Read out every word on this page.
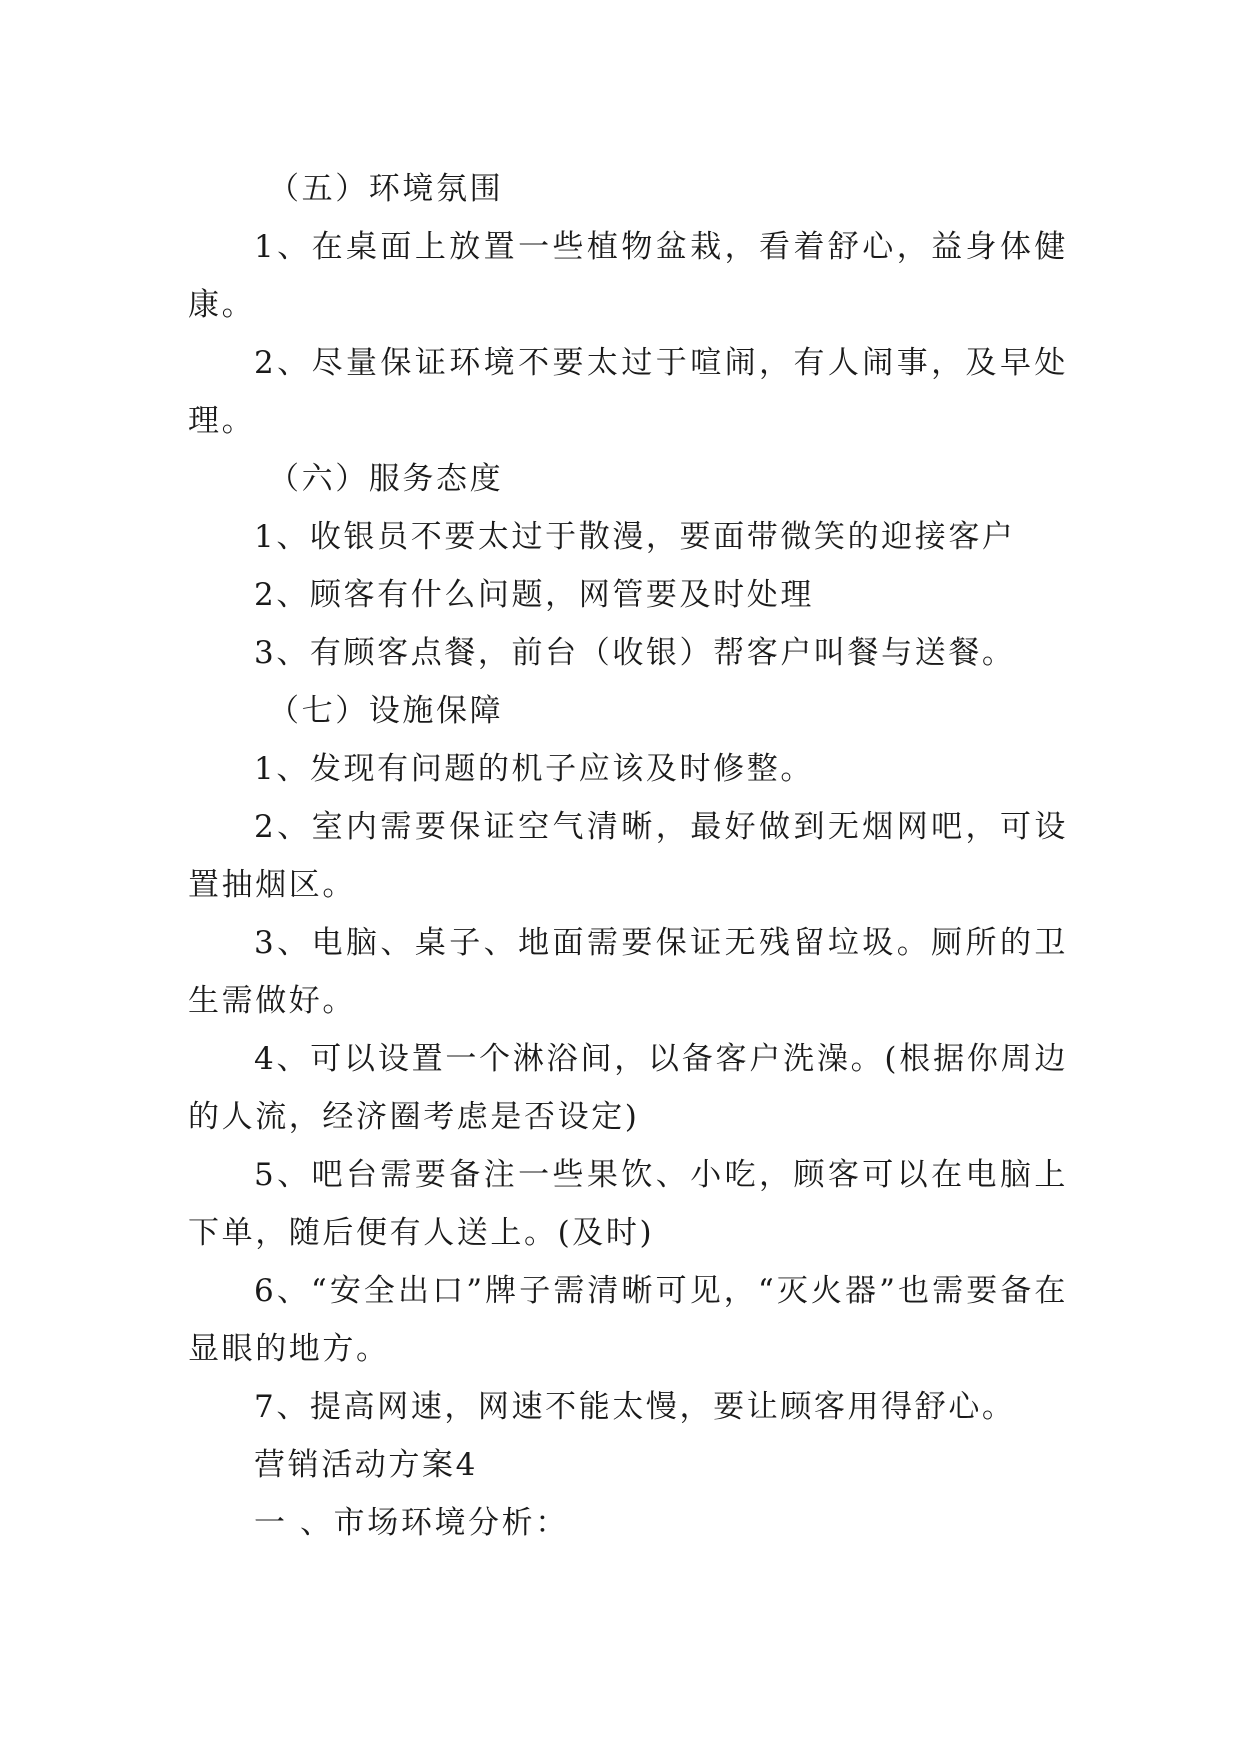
（五）环境氛围

1、在桌面上放置一些植物盆栽，看着舒心，益身体健康。

2、尽量保证环境不要太过于喧闹，有人闹事，及早处理。

（六）服务态度

1、收银员不要太过于散漫，要面带微笑的迎接客户

2、顾客有什么问题，网管要及时处理

3、有顾客点餐，前台（收银）帮客户叫餐与送餐。

（七）设施保障

1、发现有问题的机子应该及时修整。

2、室内需要保证空气清晰，最好做到无烟网吧，可设置抽烟区。

3、电脑、桌子、地面需要保证无残留垃圾。厕所的卫生需做好。

4、可以设置一个淋浴间，以备客户洗澡。(根据你周边的人流，经济圈考虑是否设定)

5、吧台需要备注一些果饮、小吃，顾客可以在电脑上下单，随后便有人送上。(及时)

6、“安全出口”牌子需清晰可见，“灭火器”也需要备在显眼的地方。

7、提高网速，网速不能太慢，要让顾客用得舒心。

营销活动方案4

一 、市场环境分析：
